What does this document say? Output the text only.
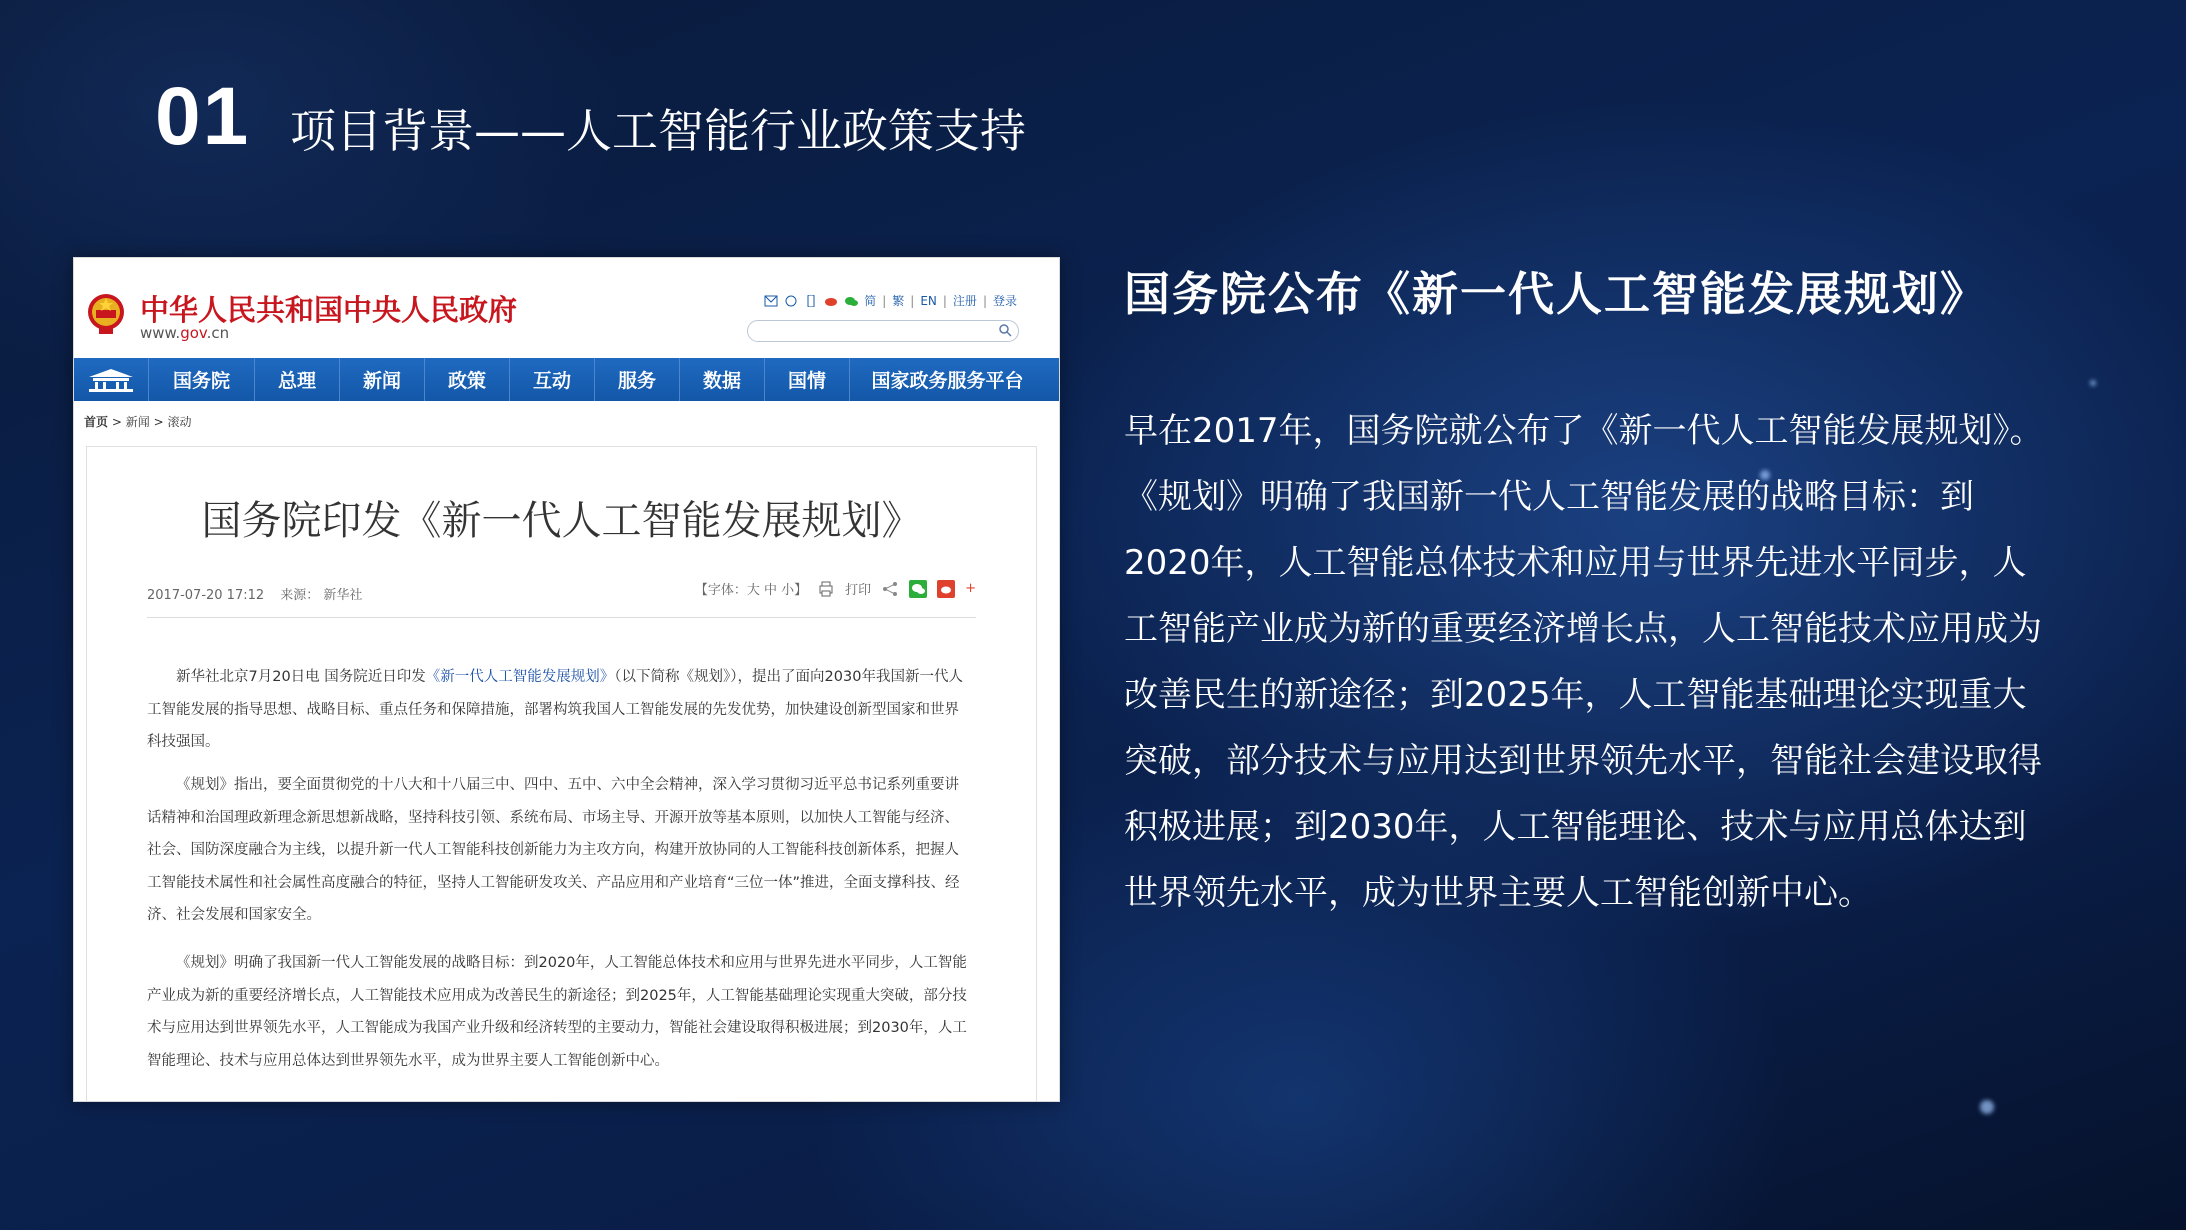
01 项目背景——人工智能行业政策支持
中华人民共和国中央人民政府
www.gov.cn
简 | 繁 | EN | 注册 | 登录
国务院	总理	新闻	政策	互动	服务	数据	国情	国家政务服务平台
首页 > 新闻 > 滚动
国务院印发《新一代人工智能发展规划》
2017-07-20 17:12 来源： 新华社	【字体：大 中 小】	打印	+
新华社北京7月20日电 国务院近日印发《新一代人工智能发展规划》（以下简称《规划》），提出了面向2030年我国新一代人工智能发展的指导思想、战略目标、重点任务和保障措施，部署构筑我国人工智能发展的先发优势，加快建设创新型国家和世界科技强国。
《规划》指出，要全面贯彻党的十八大和十八届三中、四中、五中、六中全会精神，深入学习贯彻习近平总书记系列重要讲话精神和治国理政新理念新思想新战略，坚持科技引领、系统布局、市场主导、开源开放等基本原则，以加快人工智能与经济、社会、国防深度融合为主线，以提升新一代人工智能科技创新能力为主攻方向，构建开放协同的人工智能科技创新体系，把握人工智能技术属性和社会属性高度融合的特征，坚持人工智能研发攻关、产品应用和产业培育“三位一体”推进，全面支撑科技、经济、社会发展和国家安全。
《规划》明确了我国新一代人工智能发展的战略目标：到2020年，人工智能总体技术和应用与世界先进水平同步，人工智能产业成为新的重要经济增长点，人工智能技术应用成为改善民生的新途径；到2025年，人工智能基础理论实现重大突破，部分技术与应用达到世界领先水平，人工智能成为我国产业升级和经济转型的主要动力，智能社会建设取得积极进展；到2030年，人工智能理论、技术与应用总体达到世界领先水平，成为世界主要人工智能创新中心。
国务院公布《新一代人工智能发展规划》

早在2017年，国务院就公布了《新一代人工智能发展规划》。

《规划》明确了我国新一代人工智能发展的战略目标：到2020年，人工智能总体技术和应用与世界先进水平同步，人工智能产业成为新的重要经济增长点，人工智能技术应用成为改善民生的新途径；到2025年，人工智能基础理论实现重大突破，部分技术与应用达到世界领先水平，智能社会建设取得积极进展；到2030年，人工智能理论、技术与应用总体达到世界领先水平，成为世界主要人工智能创新中心。
